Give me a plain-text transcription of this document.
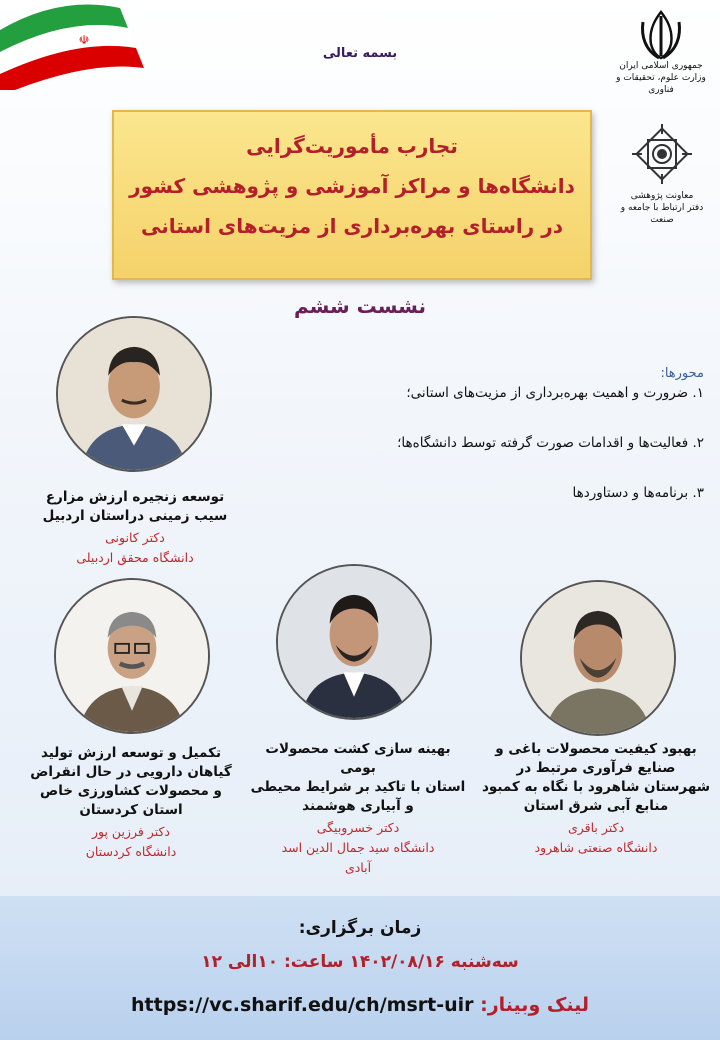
☫
جمهوری اسلامی ایران
وزارت علوم، تحقیقات و فناوری
معاونت پژوهشی
دفتر ارتباط با جامعه و صنعت
بسمه تعالی
تجارب مأموریت‌گرایی
دانشگاه‌ها و مراکز آموزشی و پژوهشی کشور
در راستای بهره‌برداری از مزیت‌های استانی
نشست ششم
محورها:
۱. ضرورت و اهمیت بهره‌برداری از مزیت‌های استانی؛
۲. فعالیت‌ها و اقدامات صورت گرفته توسط دانشگاه‌ها؛
۳. برنامه‌ها و دستاوردها
توسعه زنجیره ارزش مزارع
سیب زمینی دراستان اردبیل
دکتر کانونی
دانشگاه محقق اردبیلی
تکمیل و توسعه ارزش تولید
گیاهان دارویی در حال انقراض
و محصولات کشاورزی خاص
استان کردستان
دکتر فرزین پور
دانشگاه کردستان
بهینه سازی کشت محصولات بومی
استان با تاکید بر شرایط محیطی
و آبیاری هوشمند
دکتر خسروبیگی
دانشگاه سید جمال الدین اسد
آبادی
بهبود کیفیت محصولات باغی و
صنایع فرآوری مرتبط در
شهرستان شاهرود با نگاه به کمبود
منابع آبی شرق استان
دکتر باقری
دانشگاه صنعتی شاهرود
زمان برگزاری:
سه‌شنبه ۱۴۰۲/۰۸/۱۶ ساعت: ۱۰الی ۱۲
لینک وبینار: https://vc.sharif.edu/ch/msrt-uir
